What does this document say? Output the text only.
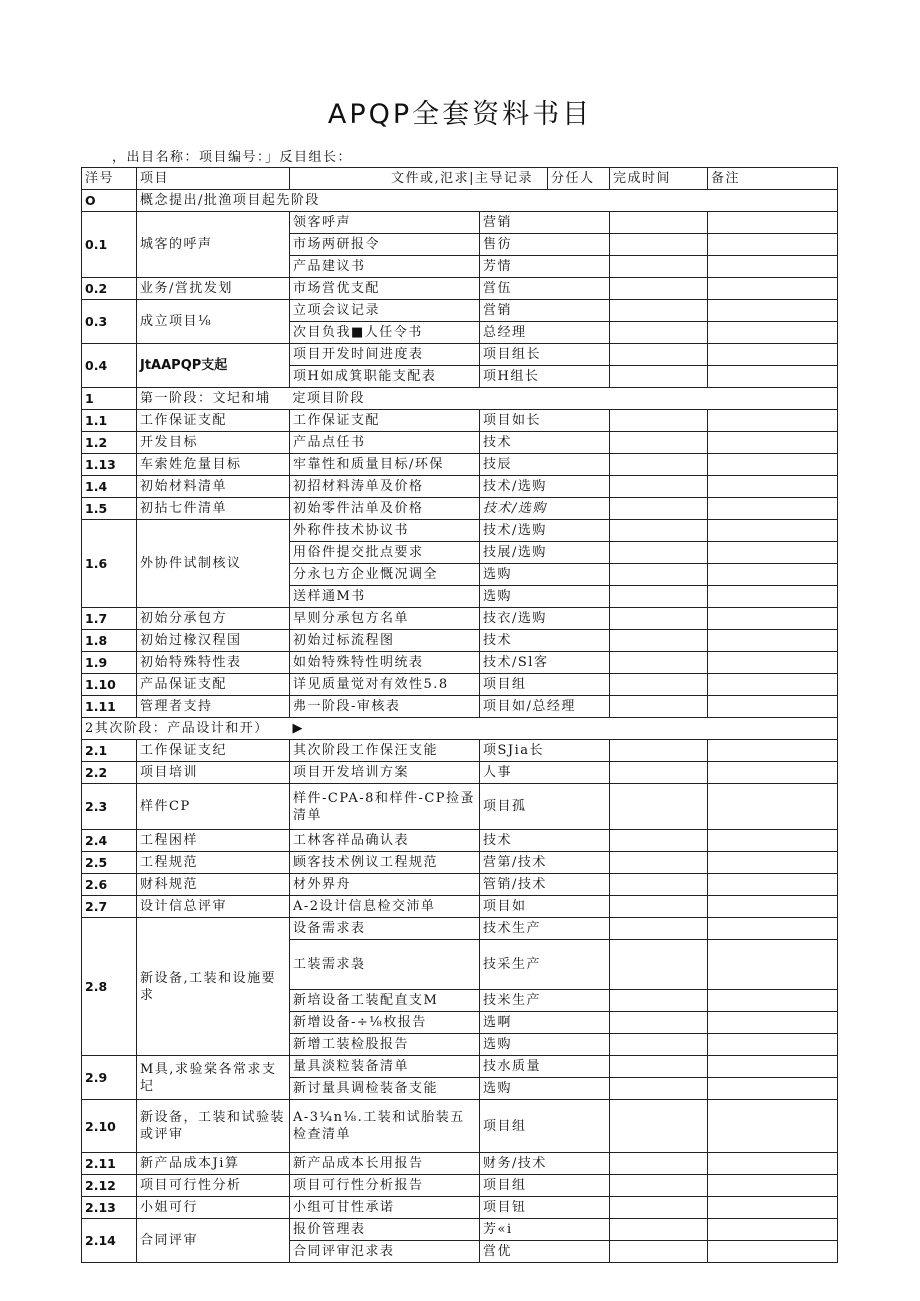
APQP全套资料书目
，出目名称：项目编号：」反目组长：
洋号	项目	文件或,氾求|主导记录		分任人	完成时间	备注
O	概念提出/批渔项目起先阶段					
0.1	城客的呼声	领客呼声	营销			
		市场两研报令	售彷			
		产品建议书	芳情			
0.2	业务/営扰发划	市场営优支配	営伍			
0.3	成立项目⅛	立项会议记录	営销			
		次目负我■人任令书	总经理			
0.4	JtAAPQP支起	项目开发时间进度表	项目组长			
		项H如成箕职能支配表	项H组长			
1	第一阶段：文圮和埔	定项目阶段				
1.1	工作保证支配	工作保证支配	项目如长			
1.2	开发目标	产品点任书	技术			
1.13	车索姓危量目标	牢靠性和质量目标/环保	技辰			
1.4	初始材料清单	初招材料涛单及价格	技术/选购			
1.5	初拈七件清单	初始零件沽单及价格	技术/选购			
1.6	外协件试制核议	外称件技术协议书	技术/选购			
		用俗件提交批点要求	技展/选购			
		分永乜方企业慨况调全	选购			
		送样通M书	选购			
1.7	初始分承包方	早则分承包方名单	技衣/选购			
1.8	初始过椽汉程国	初始过标流程图	技术			
1.9	初始特殊特性表	如始特殊特性明统表	技术/Sl客			
1.10	产品保证支配	详见质量觉对有效性5.8	项目组			
1.11	管理者支持	弗一阶段-审核表	项目如/总经理			
2其次阶段：产品设计和开）		▶				
2.1	工作保证支纪	其次阶段工作保汪支能	项SJia长			
2.2	项目培训	项目开发培训方案	人事			
2.3	样件CP	样件-CPA-8和样件-CP捡蚤清单	项目孤			
2.4	工程困样	工林客祥品确认表	技术			
2.5	工程规范	顾客技术例议工程规范	营第/技术			
2.6	财科规范	材外界舟	管销/技术			
2.7	设计信总评审	A-2设计信息检交沛单	项目如			
2.8	新设备,工装和设施要求	设备需求表	技术生产			
		工装需求袅	技采生产			
		新培设备工装配直支M	技米生产			
		新增设备-÷⅛枚报告	选啊			
		新增工装检股报告	选购			
2.9	M具,求验棠各常求支圮	量具淡粒装备清单	技水质量			
		新讨量具调检装备支能	选购			
2.10	新设备，工装和试验装或评审	A-3¼n⅛.工装和试胎装五检查清单	项目组			
2.11	新产品成本Ji算	新产品成本长用报告	财务/技术			
2.12	项目可行性分析	项目可行性分析报告	项目组			
2.13	小姐可行	小组可甘性承诺	项目钮			
2.14	合同评审	报价管理表	芳«i			
		合同评审氾求表	営优			
